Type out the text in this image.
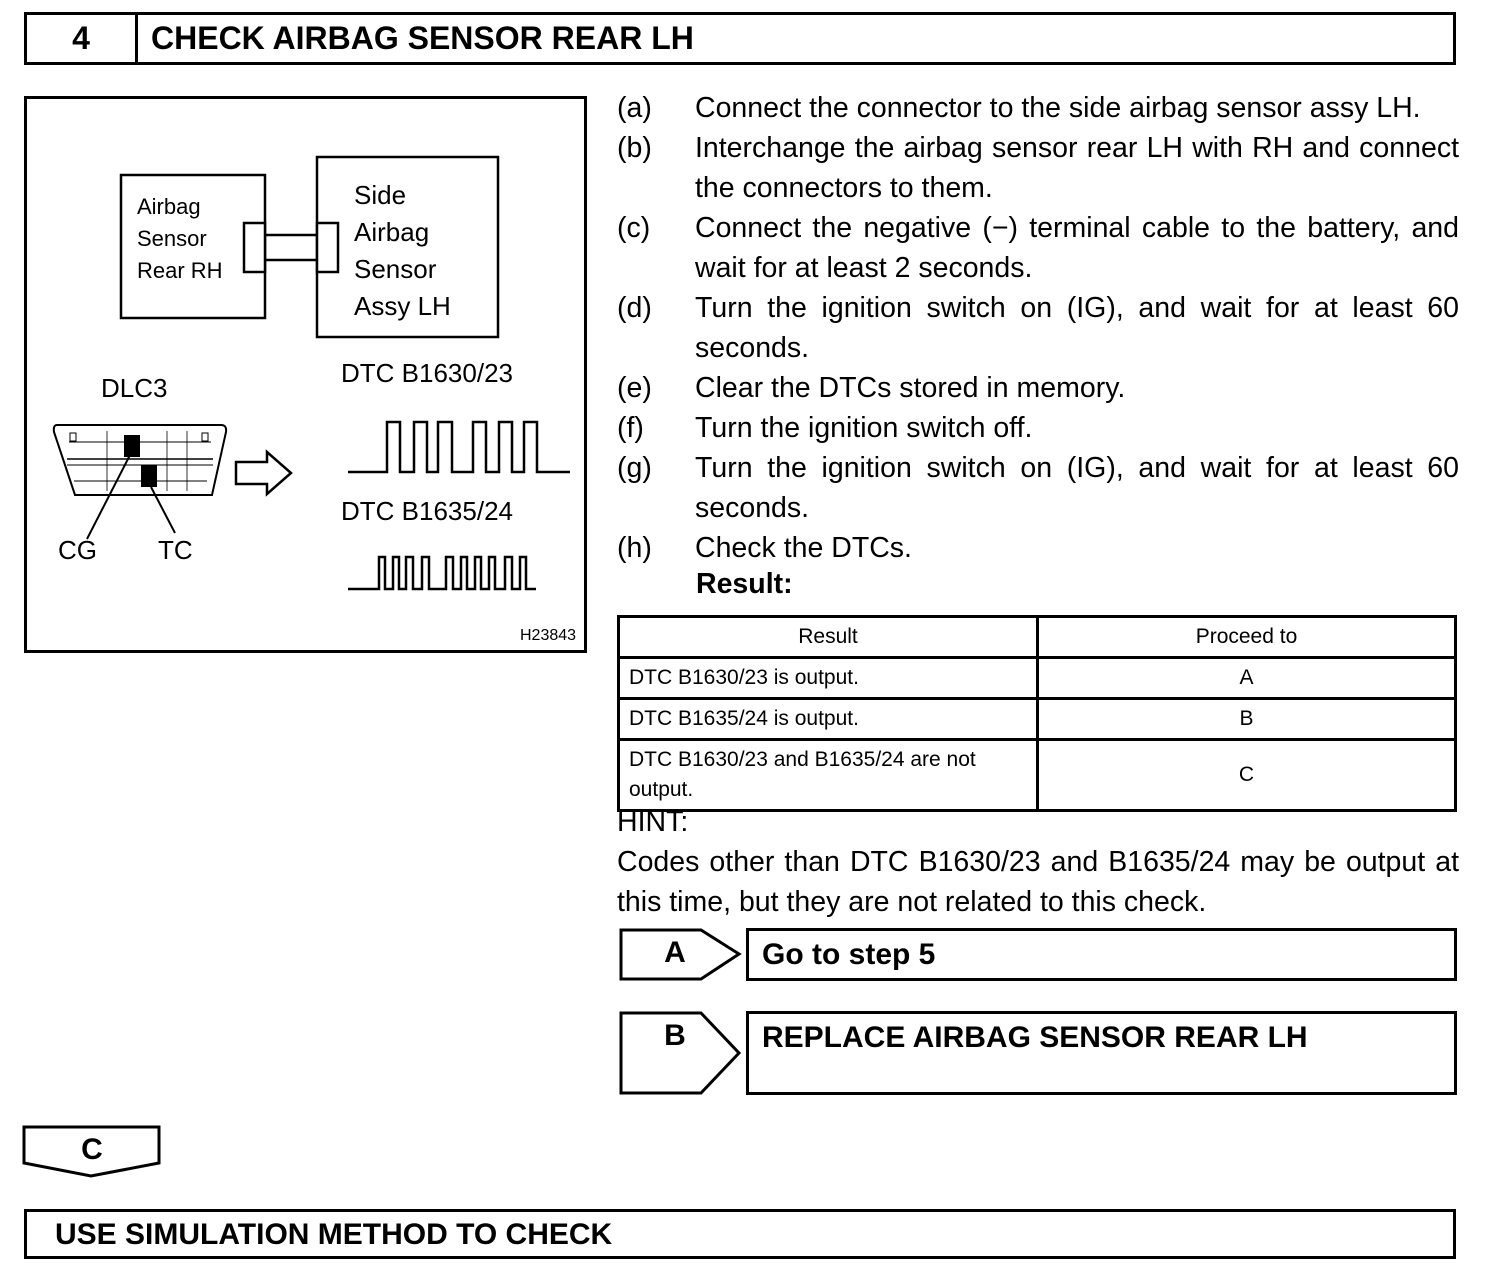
4	CHECK AIRBAG SENSOR REAR LH
Airbag
Sensor
Rear RH
Side
Airbag
Sensor
Assy LH
DLC3
CG TC
DTC B1630/23
DTC B1635/24
H23843
(a)	Connect the connector to the side airbag sensor assy LH.
(b)	Interchange the airbag sensor rear LH with RH and connect the connectors to them.
(c)	Connect the negative (−) terminal cable to the battery, and wait for at least 2 seconds.
(d)	Turn the ignition switch on (IG), and wait for at least 60 seconds.
(e)	Clear the DTCs stored in memory.
(f)	Turn the ignition switch off.
(g)	Turn the ignition switch on (IG), and wait for at least 60 seconds.
(h)	Check the DTCs.
Result:
Result	Proceed to
DTC B1630/23 is output.	A
DTC B1635/24 is output.	B
DTC B1630/23 and B1635/24 are not output.	C
HINT:
Codes other than DTC B1630/23 and B1635/24 may be output at this time, but they are not related to this check.
A	Go to step 5
B	REPLACE AIRBAG SENSOR REAR LH
C
USE SIMULATION METHOD TO CHECK
